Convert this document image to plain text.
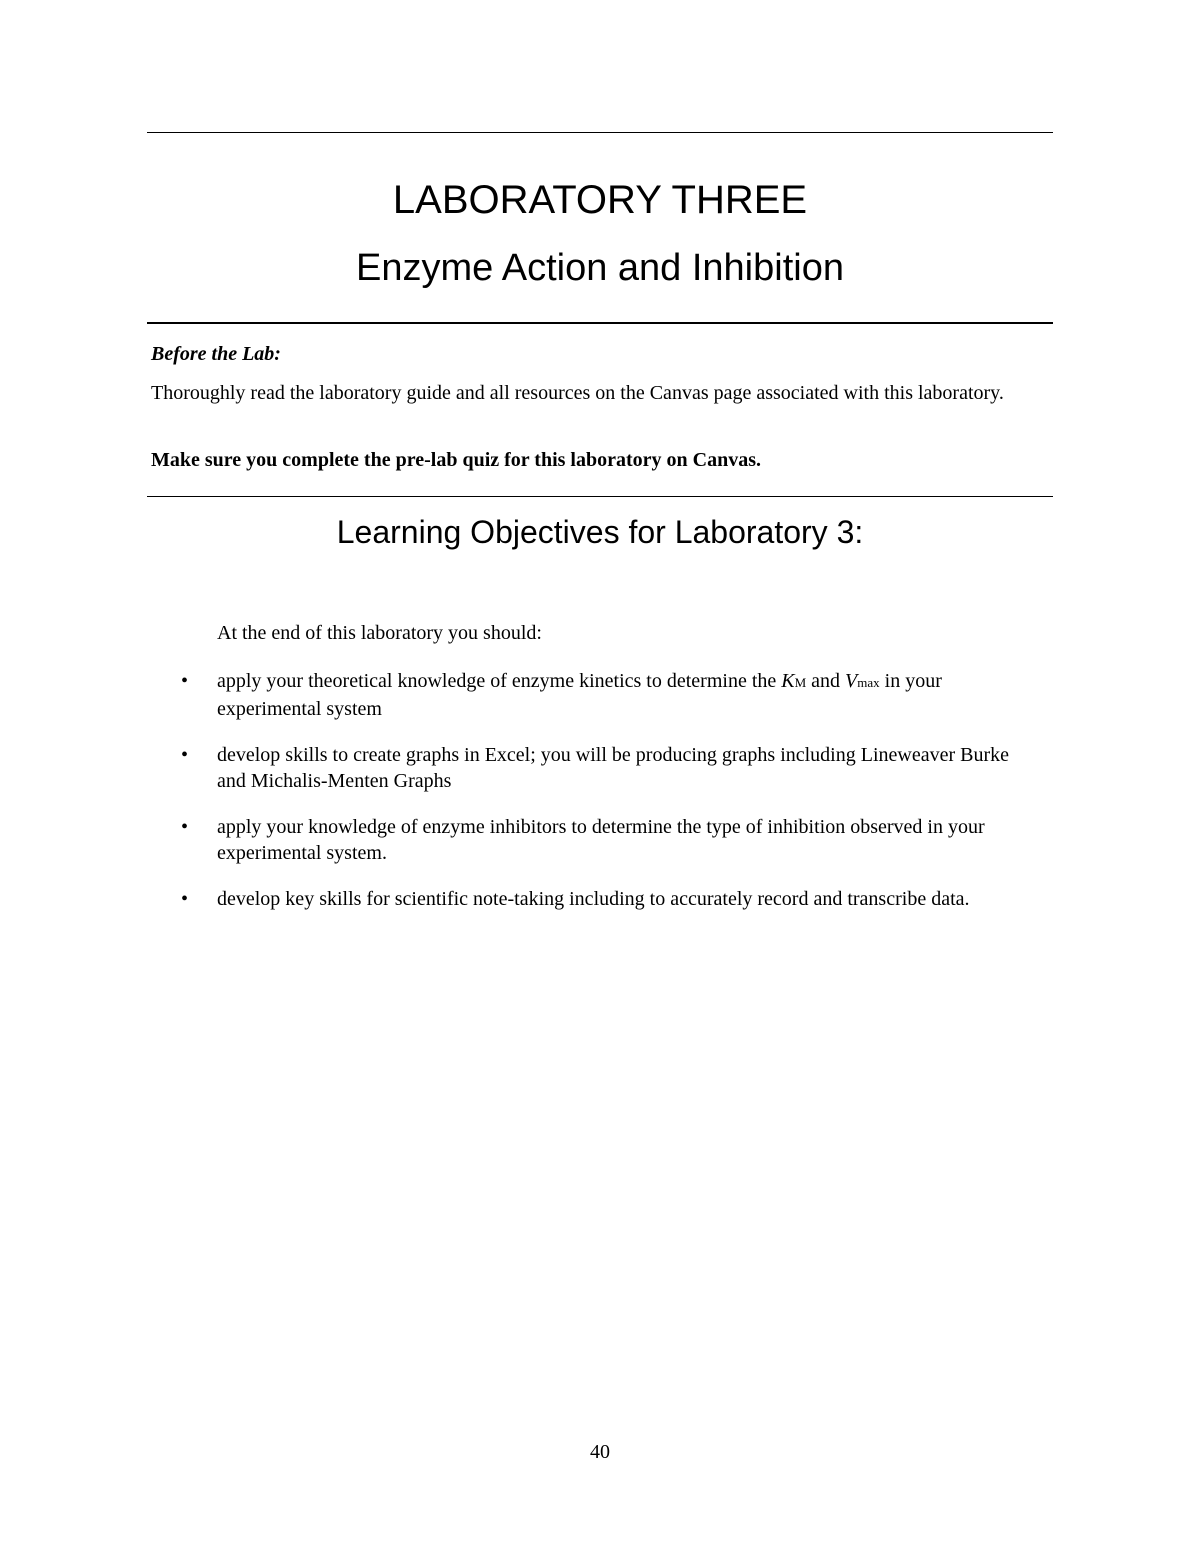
LABORATORY THREE
Enzyme Action and Inhibition
Before the Lab:

Thoroughly read the laboratory guide and all resources on the Canvas page associated with this laboratory.

Make sure you complete the pre-lab quiz for this laboratory on Canvas.
Learning Objectives for Laboratory 3:
At the end of this laboratory you should:
• apply your theoretical knowledge of enzyme kinetics to determine the KM and Vmax in your experimental system
• develop skills to create graphs in Excel; you will be producing graphs including Lineweaver Burke and Michalis-Menten Graphs
• apply your knowledge of enzyme inhibitors to determine the type of inhibition observed in your experimental system.
• develop key skills for scientific note-taking including to accurately record and transcribe data.
40
